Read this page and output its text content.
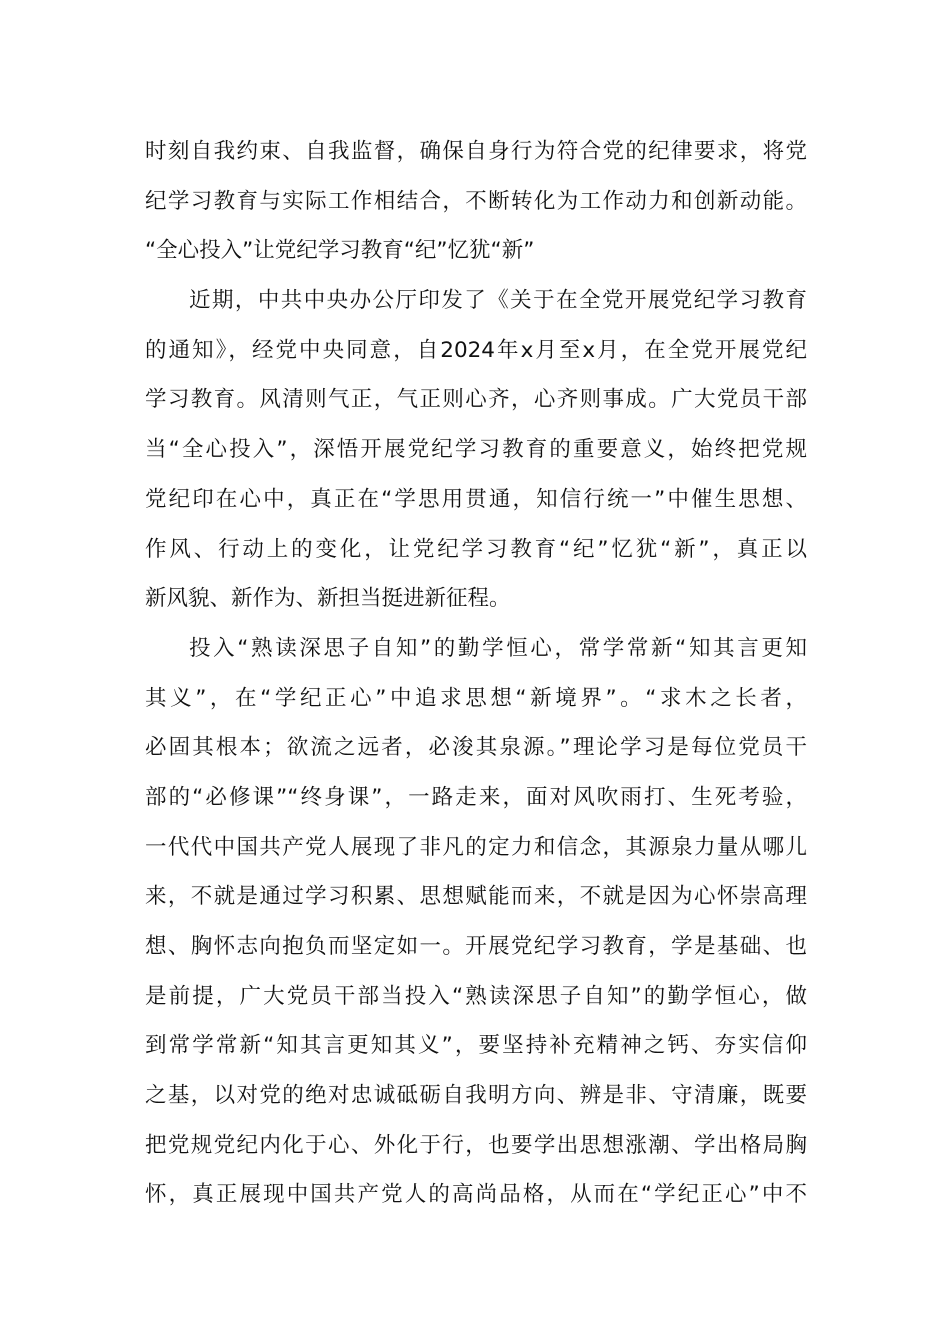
时刻自我约束、自我监督，确保自身行为符合党的纪律要求，将党
纪学习教育与实际工作相结合，不断转化为工作动力和创新动能。
“全心投入”让党纪学习教育“纪”忆犹“新”
近期，中共中央办公厅印发了《关于在全党开展党纪学习教育
的通知》，经党中央同意，自2024年x月至x月，在全党开展党纪
学习教育。风清则气正，气正则心齐，心齐则事成。广大党员干部
当“全心投入”，深悟开展党纪学习教育的重要意义，始终把党规
党纪印在心中，真正在“学思用贯通，知信行统一”中催生思想、
作风、行动上的变化，让党纪学习教育“纪”忆犹“新”，真正以
新风貌、新作为、新担当挺进新征程。
投入“熟读深思子自知”的勤学恒心，常学常新“知其言更知
其义”，在“学纪正心”中追求思想“新境界”。“求木之长者，
必固其根本；欲流之远者，必浚其泉源。”理论学习是每位党员干
部的“必修课”“终身课”，一路走来，面对风吹雨打、生死考验，
一代代中国共产党人展现了非凡的定力和信念，其源泉力量从哪儿
来，不就是通过学习积累、思想赋能而来，不就是因为心怀崇高理
想、胸怀志向抱负而坚定如一。开展党纪学习教育，学是基础、也
是前提，广大党员干部当投入“熟读深思子自知”的勤学恒心，做
到常学常新“知其言更知其义”，要坚持补充精神之钙、夯实信仰
之基，以对党的绝对忠诚砥砺自我明方向、辨是非、守清廉，既要
把党规党纪内化于心、外化于行，也要学出思想涨潮、学出格局胸
怀，真正展现中国共产党人的高尚品格，从而在“学纪正心”中不
